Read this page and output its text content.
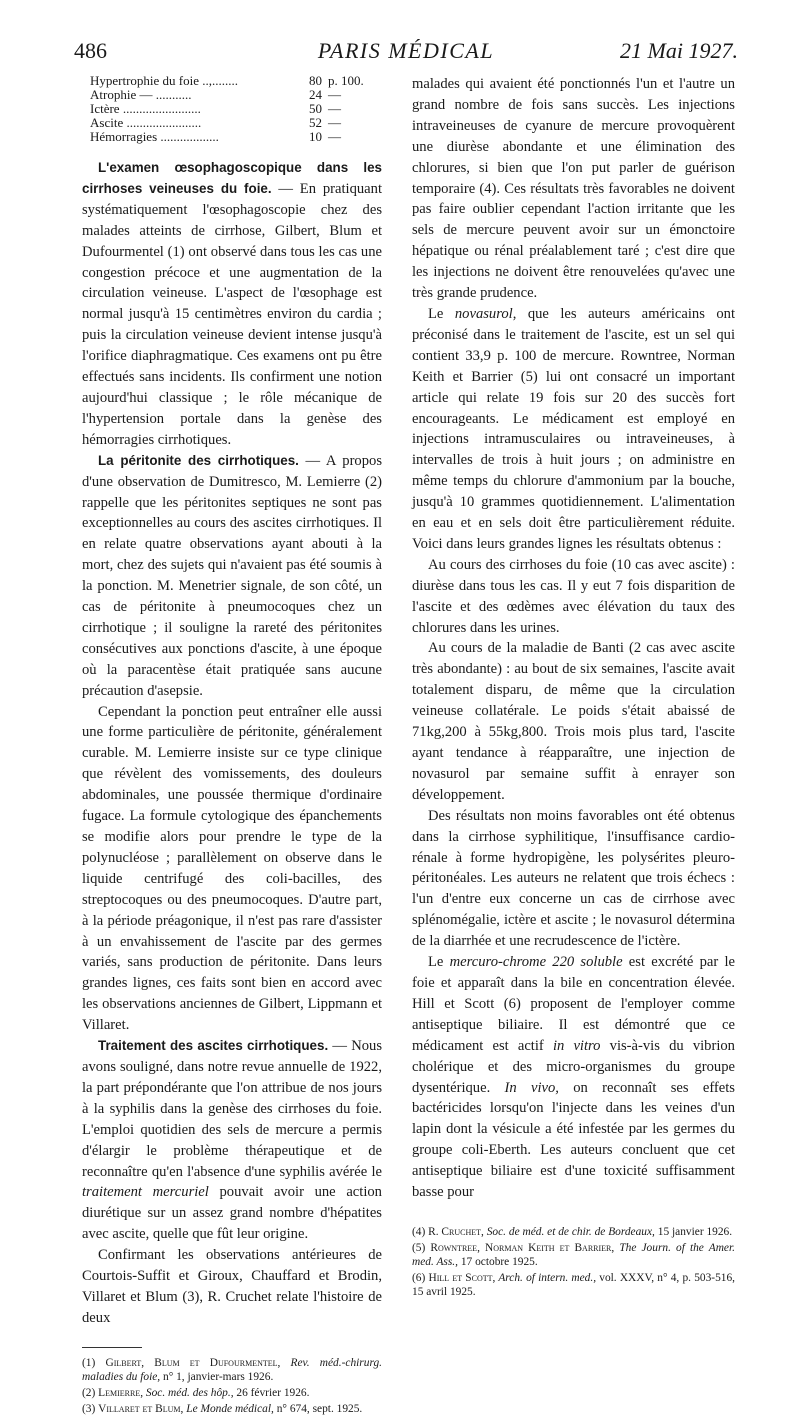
486	PARIS MÉDICAL	21 Mai 1927.
Hypertrophie du foie ..,........	80	p. 100.
Atrophie — ...........	24	—
Ictère ........................	50	—
Ascite .......................	52	—
Hémorragies ..................	10	—

L'examen œsophagoscopique dans les cirrhoses veineuses du foie. — En pratiquant systématiquement l'œsophagoscopie chez des malades atteints de cirrhose, Gilbert, Blum et Dufourmentel (1) ont observé dans tous les cas une congestion précoce et une augmentation de la circulation veineuse. L'aspect de l'œsophage est normal jusqu'à 15 centimètres environ du cardia ; puis la circulation veineuse devient intense jusqu'à l'orifice diaphragmatique. Ces examens ont pu être effectués sans incidents. Ils confirment une notion aujourd'hui classique ; le rôle mécanique de l'hypertension portale dans la genèse des hémorragies cirrhotiques.

La péritonite des cirrhotiques. — A propos d'une observation de Dumitresco, M. Lemierre (2) rappelle que les péritonites septiques ne sont pas exceptionnelles au cours des ascites cirrhotiques. Il en relate quatre observations ayant abouti à la mort, chez des sujets qui n'avaient pas été soumis à la ponction. M. Menetrier signale, de son côté, un cas de péritonite à pneumocoques chez un cirrhotique ; il souligne la rareté des péritonites consécutives aux ponctions d'ascite, à une époque où la paracentèse était pratiquée sans aucune précaution d'asepsie.

Cependant la ponction peut entraîner elle aussi une forme particulière de péritonite, généralement curable. M. Lemierre insiste sur ce type clinique que révèlent des vomissements, des douleurs abdominales, une poussée thermique d'ordinaire fugace. La formule cytologique des épanchements se modifie alors pour prendre le type de la polynucléose ; parallèlement on observe dans le liquide centrifugé des coli-bacilles, des streptocoques ou des pneumocoques. D'autre part, à la période préagonique, il n'est pas rare d'assister à un envahissement de l'ascite par des germes variés, sans production de péritonite. Dans leurs grandes lignes, ces faits sont bien en accord avec les observations anciennes de Gilbert, Lippmann et Villaret.

Traitement des ascites cirrhotiques. — Nous avons souligné, dans notre revue annuelle de 1922, la part prépondérante que l'on attribue de nos jours à la syphilis dans la genèse des cirrhoses du foie. L'emploi quotidien des sels de mercure a permis d'élargir le problème thérapeutique et de reconnaître qu'en l'absence d'une syphilis avérée le traitement mercuriel pouvait avoir une action diurétique sur un assez grand nombre d'hépatites avec ascite, quelle que fût leur origine.

Confirmant les observations antérieures de Courtois-Suffit et Giroux, Chauffard et Brodin, Villaret et Blum (3), R. Cruchet relate l'histoire de deux

(1) Gilbert, Blum et Dufourmentel, Rev. méd.-chirurg. maladies du foie, n° 1, janvier-mars 1926.

(2) Lemierre, Soc. méd. des hôp., 26 février 1926.

(3) Villaret et Blum, Le Monde médical, n° 674, sept. 1925.

malades qui avaient été ponctionnés l'un et l'autre un grand nombre de fois sans succès. Les injections intraveineuses de cyanure de mercure provoquèrent une diurèse abondante et une élimination des chlorures, si bien que l'on put parler de guérison temporaire (4). Ces résultats très favorables ne doivent pas faire oublier cependant l'action irritante que les sels de mercure peuvent avoir sur un émonctoire hépatique ou rénal préalablement taré ; c'est dire que les injections ne doivent être renouvelées qu'avec une très grande prudence.

Le novasurol, que les auteurs américains ont préconisé dans le traitement de l'ascite, est un sel qui contient 33,9 p. 100 de mercure. Rowntree, Norman Keith et Barrier (5) lui ont consacré un important article qui relate 19 fois sur 20 des succès fort encourageants. Le médicament est employé en injections intramusculaires ou intraveineuses, à intervalles de trois à huit jours ; on administre en même temps du chlorure d'ammonium par la bouche, jusqu'à 10 grammes quotidiennement. L'alimentation en eau et en sels doit être particulièrement réduite. Voici dans leurs grandes lignes les résultats obtenus :

Au cours des cirrhoses du foie (10 cas avec ascite) : diurèse dans tous les cas. Il y eut 7 fois disparition de l'ascite et des œdèmes avec élévation du taux des chlorures dans les urines.

Au cours de la maladie de Banti (2 cas avec ascite très abondante) : au bout de six semaines, l'ascite avait totalement disparu, de même que la circulation veineuse collatérale. Le poids s'était abaissé de 71kg,200 à 55kg,800. Trois mois plus tard, l'ascite ayant tendance à réapparaître, une injection de novasurol par semaine suffit à enrayer son développement.

Des résultats non moins favorables ont été obtenus dans la cirrhose syphilitique, l'insuffisance cardio-rénale à forme hydropigène, les polysérites pleuro-péritonéales. Les auteurs ne relatent que trois échecs : l'un d'entre eux concerne un cas de cirrhose avec splénomégalie, ictère et ascite ; le novasurol détermina de la diarrhée et une recrudescence de l'ictère.

Le mercuro-chrome 220 soluble est excrété par le foie et apparaît dans la bile en concentration élevée. Hill et Scott (6) proposent de l'employer comme antiseptique biliaire. Il est démontré que ce médicament est actif in vitro vis-à-vis du vibrion cholérique et des micro-organismes du groupe dysentérique. In vivo, on reconnaît ses effets bactéricides lorsqu'on l'injecte dans les veines d'un lapin dont la vésicule a été infestée par les germes du groupe coli-Eberth. Les auteurs concluent que cet antiseptique biliaire est d'une toxicité suffisamment basse pour

(4) R. Cruchet, Soc. de méd. et de chir. de Bordeaux, 15 janvier 1926.

(5) Rowntree, Norman Keith et Barrier, The Journ. of the Amer. med. Ass., 17 octobre 1925.

(6) Hill et Scott, Arch. of intern. med., vol. XXXV, n° 4, p. 503-516, 15 avril 1925.
